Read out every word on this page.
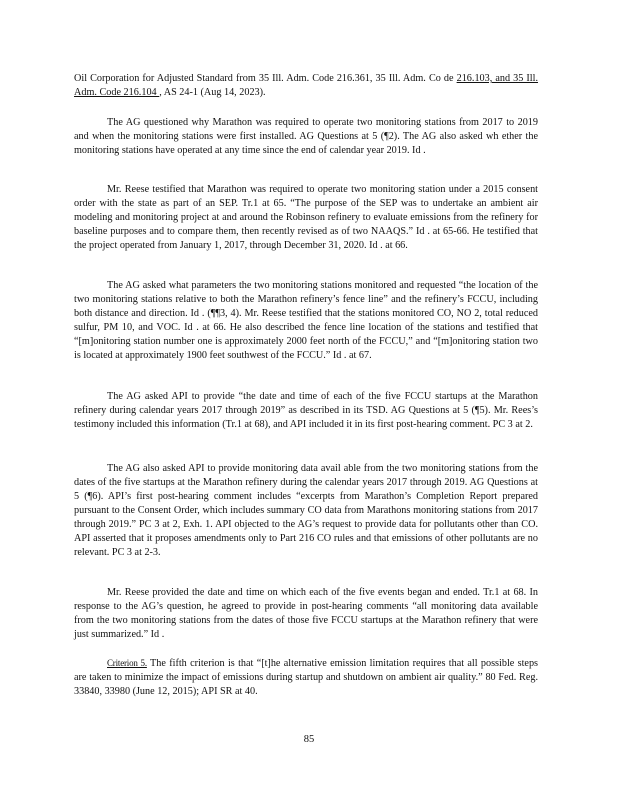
Oil Corporation for Adjusted Standard from 35 Ill. Adm. Code 216.361, 35 Ill. Adm. Co de 216.103, and 35 Ill. Adm. Code 216.104 , AS 24-1 (Aug 14, 2023).

The AG questioned why Marathon was required to operate two monitoring stations from 2017 to 2019 and when the monitoring stations were first installed. AG Questions at 5 (¶2). The AG also asked wh ether the monitoring stations have operated at any time since the end of calendar year 2019. Id .

Mr. Reese testified that Marathon was required to operate two monitoring station under a 2015 consent order with the state as part of an SEP. Tr.1 at 65. “The purpose of the SEP was to undertake an ambient air modeling and monitoring project at and around the Robinson refinery to evaluate emissions from the refinery for baseline purposes and to compare them, then recently revised as of two NAAQS.” Id . at 65-66. He testified that the project operated from January 1, 2017, through December 31, 2020. Id . at 66.

The AG asked what parameters the two monitoring stations monitored and requested “the location of the two monitoring stations relative to both the Marathon refinery’s fence line” and the refinery’s FCCU, including both distance and direction. Id . (¶¶3, 4). Mr. Reese testified that the stations monitored CO, NO 2, total reduced sulfur, PM 10, and VOC. Id . at 66. He also described the fence line location of the stations and testified that “[m]onitoring station number one is approximately 2000 feet north of the FCCU,” and “[m]onitoring station two is located at approximately 1900 feet southwest of the FCCU.” Id . at 67.

The AG asked API to provide “the date and time of each of the five FCCU startups at the Marathon refinery during calendar years 2017 through 2019” as described in its TSD. AG Questions at 5 (¶5). Mr. Rees’s testimony included this information (Tr.1 at 68), and API included it in its first post-hearing comment. PC 3 at 2.

The AG also asked API to provide monitoring data avail able from the two monitoring stations from the dates of the five startups at the Marathon refinery during the calendar years 2017 through 2019. AG Questions at 5 (¶6). API’s first post-hearing comment includes “excerpts from Marathon’s Completion Report prepared pursuant to the Consent Order, which includes summary CO data from Marathons monitoring stations from 2017 through 2019.” PC 3 at 2, Exh. 1. API objected to the AG’s request to provide data for pollutants other than CO. API asserted that it proposes amendments only to Part 216 CO rules and that emissions of other pollutants are no relevant. PC 3 at 2-3.

Mr. Reese provided the date and time on which each of the five events began and ended. Tr.1 at 68. In response to the AG’s question, he agreed to provide in post-hearing comments “all monitoring data available from the two monitoring stations from the dates of those five FCCU startups at the Marathon refinery that were just summarized.” Id .

Criterion 5. The fifth criterion is that “[t]he alternative emission limitation requires that all possible steps are taken to minimize the impact of emissions during startup and shutdown on ambient air quality.” 80 Fed. Reg. 33840, 33980 (June 12, 2015); API SR at 40.

85
